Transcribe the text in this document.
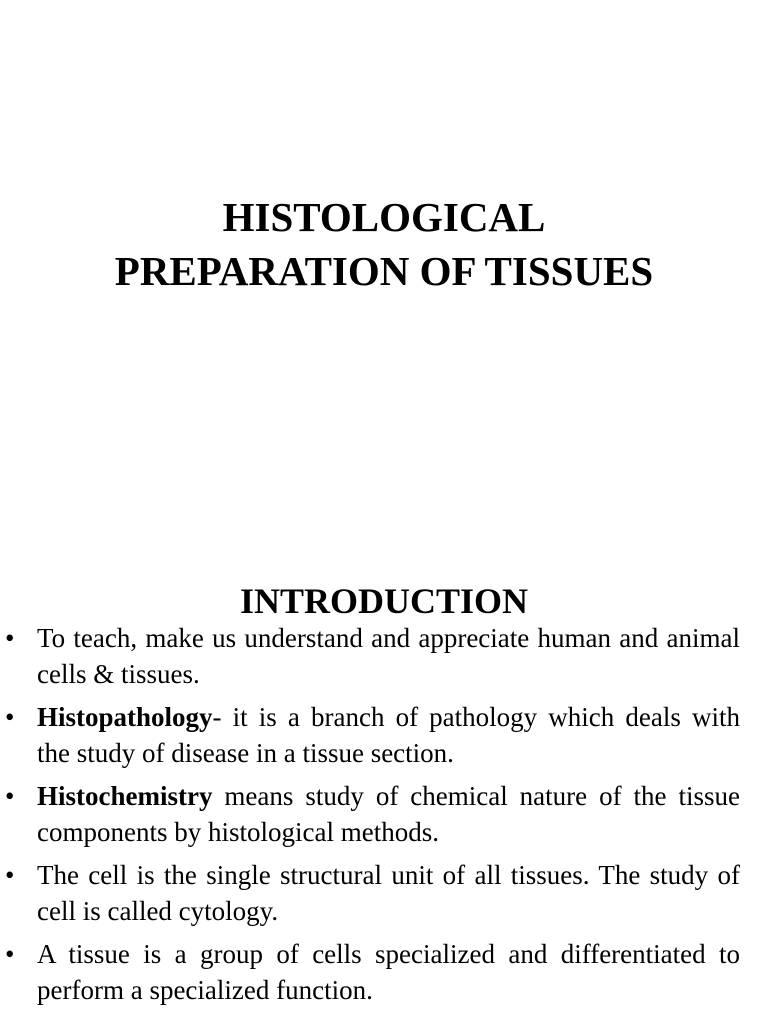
HISTOLOGICAL
PREPARATION OF TISSUES
INTRODUCTION
• To teach, make us understand and appreciate human and animal cells & tissues.
• Histopathology- it is a branch of pathology which deals with the study of disease in a tissue section.
• Histochemistry means study of chemical nature of the tissue components by histological methods.
• The cell is the single structural unit of all tissues. The study of cell is called cytology.
• A tissue is a group of cells specialized and differentiated to perform a specialized function.
